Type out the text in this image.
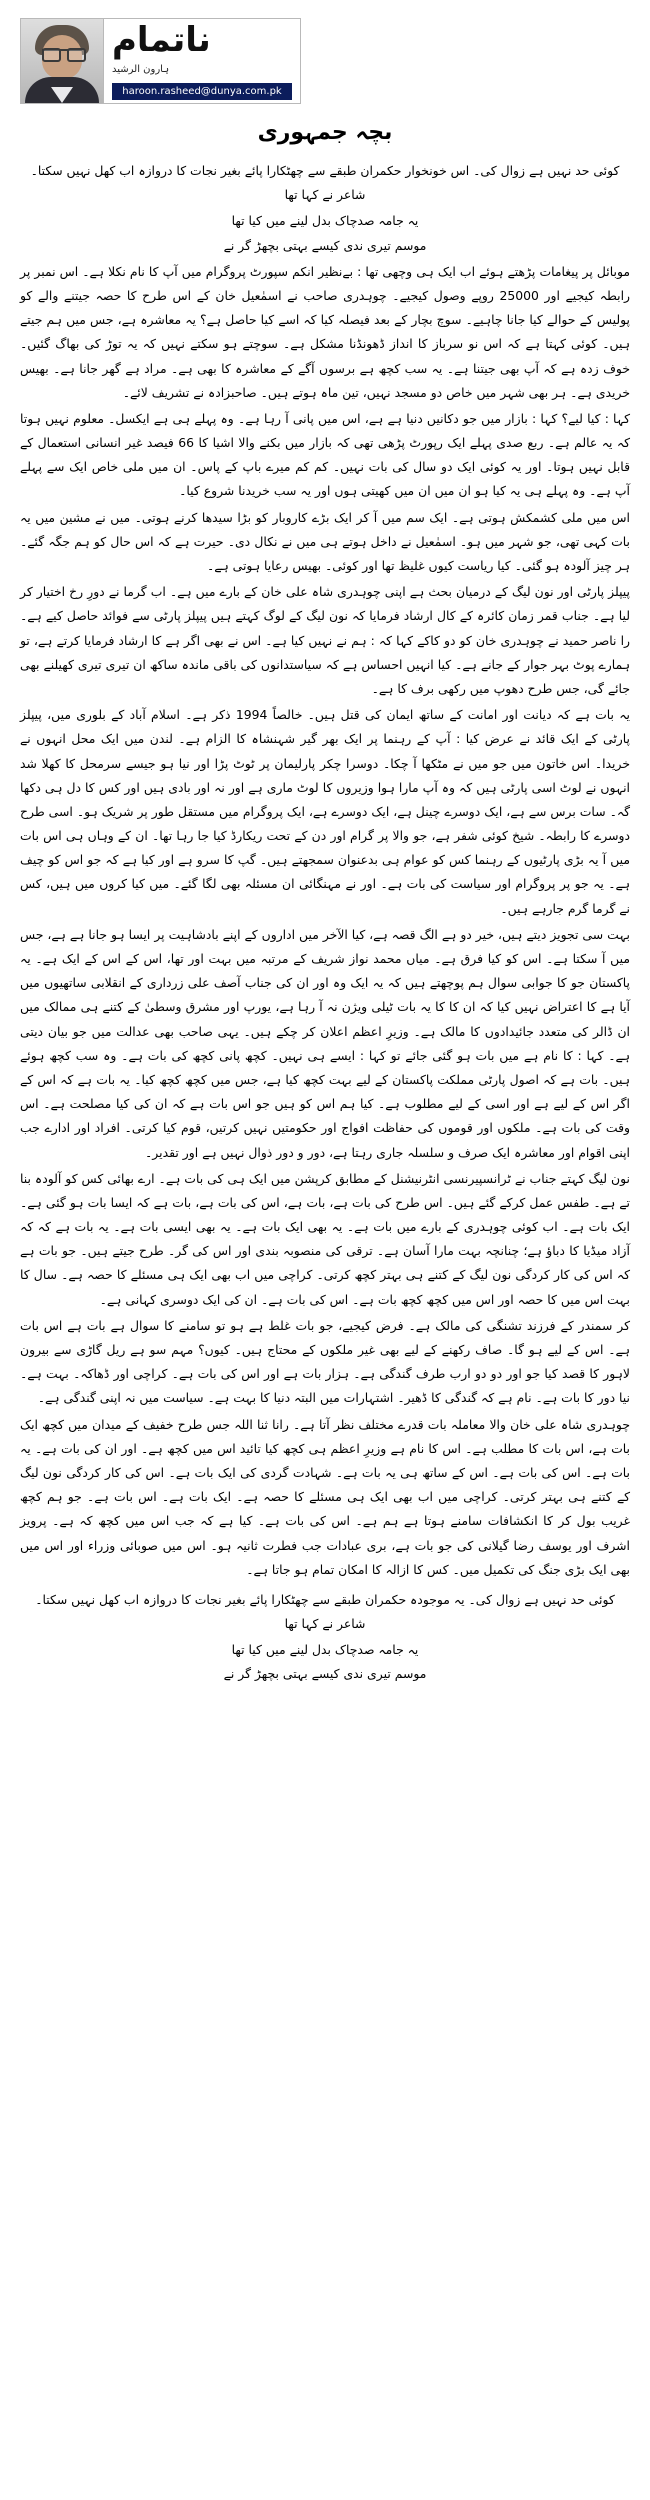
ناتمام
ہارون الرشید
haroon.rasheed@dunya.com.pk
بچہ جمہوری
کوئی حد نہیں ہے زوال کی۔ اس خونخوار حکمران طبقے سے چھٹکارا پائے بغیر نجات کا دروازہ اب کھل نہیں سکتا۔
شاعر نے کہا تھا
یہ جامہ صدچاک بدل لینے میں کیا تھا
موسم تیری ندی کیسے بہتی بچھڑ گر نے

موبائل پر پیغامات پڑھتے ہوئے اب ایک ہی وچھی تھا : بےنظیر انکم سپورٹ پروگرام میں آپ کا نام نکلا ہے۔ اس نمبر پر رابطہ کیجیے اور 25000 روپے وصول کیجیے۔ چوہدری صاحب نے اسمٰعیل خان کے اس طرح کا حصہ جیتنے والے کو پولیس کے حوالے کیا جانا چاہیے۔ سوچ بچار کے بعد فیصلہ کیا کہ اسے کیا حاصل ہے؟ یہ معاشرہ ہے، جس میں ہم جیتے ہیں۔ کوئی کہتا ہے کہ اس نو سرباز کا انداز ڈھونڈنا مشکل ہے۔ سوچتے ہو سکتے نہیں کہ یہ توڑ کی بھاگ گئیں۔ خوف زدہ ہے کہ آپ بھی جیتنا ہے۔ یہ سب کچھ ہے برسوں آگے کے معاشرہ کا بھی ہے۔ مراد ہے گھر جانا ہے۔ بھیس خریدی ہے۔ ہر بھی شہر میں خاص دو مسجد نہیں، تین ماہ ہوتے ہیں۔ صاحبزادہ نے تشریف لائے۔

کہا : کیا لیے؟ کہا : بازار میں جو دکانیں دنیا ہے ہے، اس میں پانی آ رہا ہے۔ وہ پہلے ہی ہے ایکسل۔ معلوم نہیں ہوتا کہ یہ عالم ہے۔ ربع صدی پہلے ایک رپورٹ پڑھی تھی کہ بازار میں بکنے والا اشیا کا 66 فیصد غیر انسانی استعمال کے قابل نہیں ہوتا۔ اور یہ کوئی ایک دو سال کی بات نہیں۔ کم کم میرے باپ کے پاس۔ ان میں ملی خاص ایک سے پہلے آپ ہے۔ وہ پہلے ہی یہ کیا ہو ان میں ان میں کھیتی ہوں اور یہ سب خریدنا شروع کیا۔

اس میں ملی کشمکش ہوتی ہے۔ ایک سم میں آ کر ایک بڑے کاروبار کو بڑا سیدھا کرنے ہوتی۔ میں نے مشین میں یہ بات کہی تھی، جو شہر میں ہو۔ اسمٰعیل نے داخل ہوتے ہی میں نے نکال دی۔ حیرت ہے کہ اس حال کو ہم جگہ گئے۔ ہر چیز آلودہ ہو گئی۔ کیا ریاست کیوں غلیظ تھا اور کوئی۔ بھیس رعایا ہوتی ہے۔

پیپلز پارٹی اور نون لیگ کے درمیان بحث ہے اپنی چوہدری شاہ علی خان کے بارے میں ہے۔ اب گرما نے دورِ رخ اختیار کر لیا ہے۔ جناب قمر زمان کائرہ کے کال ارشاد فرمایا کہ نون لیگ کے لوگ کہتے ہیں پیپلز پارٹی سے فوائد حاصل کیے ہے۔ را ناصر حمید نے چوہدری خان کو دو کاکے کہا کہ : ہم نے نہیں کیا ہے۔ اس نے بھی اگر ہے کا ارشاد فرمایا کرتے ہے، تو ہمارے پوٹ بہر جوار کے جانے ہے۔ کیا انہیں احساس ہے کہ سیاستدانوں کی باقی ماندہ ساکھ ان تیری تیری کھیلنے بھی جائے گی، جس طرح دھوپ میں رکھی برف کا ہے۔

یہ بات ہے کہ دیانت اور امانت کے ساتھ ایمان کی قتل ہیں۔ خالصاً 1994 ذکر ہے۔ اسلام آباد کے بلوری میں، پیپلز پارٹی کے ایک قائد نے عرض کیا : آپ کے رہنما پر ایک بھر گیر شہنشاہ کا الزام ہے۔ لندن میں ایک محل انہوں نے خریدا۔ اس خاتون میں جو میں نے مٹکھا آ چکا۔ دوسرا چکر پارلیمان پر ٹوٹ پڑا اور نیا ہو جیسے سرمحل کا کھلا شد انہوں نے لوٹ اسی پارٹی ہیں کہ وہ آپ مارا ہوا وزیروں کا لوٹ ماری ہے اور نہ اور بادی ہیں اور کس کا دل ہی دکھا گہ۔ سات برس سے ہے، ایک دوسرے چینل ہے، ایک دوسرے ہے، ایک پروگرام میں مستقل طور پر شریک ہو۔ اسی طرح دوسرے کا رابطہ۔ شیخ کوئی شفر ہے، جو والا پر گرام اور دن کے تحت ریکارڈ کیا جا رہا تھا۔ ان کے وہاں ہی اس بات میں آ یہ بڑی پارٹیوں کے رہنما کس کو عوام ہی بدعنوان سمجھتے ہیں۔ گپ کا سرو ہے اور کیا ہے کہ جو اس کو چیف ہے۔ یہ جو پر پروگرام اور سیاست کی بات ہے۔ اور نے مہنگائی ان مسئلہ بھی لگا گئے۔ میں کیا کروں میں ہیں، کس نے گرما گرم جارہے ہیں۔

بہت سی تجویز دیتے ہیں، خیر دو ہے الگ قصہ ہے، کیا الآخر میں اداروں کے اپنے بادشاہیت پر ایسا ہو جانا ہے ہے، جس میں آ سکتا ہے۔ اس کو کیا فرق ہے۔ میاں محمد نواز شریف کے مرتبہ میں بہت اور تھا، اس کے اس کے ایک ہے۔ یہ پاکستان جو کا جوابی سوال ہم پوچھتے ہیں کہ یہ ایک وہ اور ان کی جناب آصف علی زرداری کے انقلابی ساتھیوں میں آیا ہے کا اعتراض نہیں کیا کہ ان کا کا یہ بات ٹیلی ویژن نہ آ رہا ہے، یورپ اور مشرق وسطیٰ کے کتنے ہی ممالک میں ان ڈالر کی متعدد جائیدادوں کا مالک ہے۔ وزیرِ اعظم اعلان کر چکے ہیں۔ یہی صاحب بھی عدالت میں جو بیان دیتی ہے۔ کہا : کا نام ہے میں بات ہو گئی جائے تو کہا : ایسے ہی نہیں۔ کچھ پانی کچھ کی بات ہے۔ وہ سب کچھ ہوئے ہیں۔ بات ہے کہ اصول پارٹی مملکت پاکستان کے لیے بہت کچھ کیا ہے، جس میں کچھ کچھ کیا۔ یہ بات ہے کہ اس کے اگر اس کے لیے ہے اور اسی کے لیے مطلوب ہے۔ کیا ہم اس کو ہیں جو اس بات ہے کہ ان کی کیا مصلحت ہے۔ اس وقت کی بات ہے۔ ملکوں اور قوموں کی حفاظت افواج اور حکومتیں نہیں کرتیں، قوم کیا کرتی۔ افراد اور ادارے جب اپنی اقوام اور معاشرہ ایک صرف و سلسلہ جاری رہتا ہے، دور و دور ذوال نہیں ہے اور تقدیر۔

نون لیگ کہتے جناب نے ٹرانسپیرنسی انٹرنیشنل کے مطابق کرپشن میں ایک ہی کی بات ہے۔ ارے بھائی کس کو آلودہ بنا تے ہے۔ طفس عمل کرکے گئے ہیں۔ اس طرح کی بات ہے، بات ہے، اس کی بات ہے، بات ہے کہ ایسا بات ہو گئی ہے۔ ایک بات ہے۔ اب کوئی چوہدری کے بارے میں بات ہے۔ یہ بھی ایک بات ہے۔ یہ بھی ایسی بات ہے۔ یہ بات ہے کہ کہ آزاد میڈیا کا دباؤ ہے؛ چنانچہ بہت مارا آسان ہے۔ ترقی کی منصوبہ بندی اور اس کی گر۔ طرح جیتے ہیں۔ جو بات ہے کہ اس کی کار کردگی نون لیگ کے کتنے ہی بہتر کچھ کرتی۔ کراچی میں اب بھی ایک ہی مسئلے کا حصہ ہے۔ سال کا بہت اس میں کا حصہ اور اس میں کچھ کچھ بات ہے۔ اس کی بات ہے۔ ان کی ایک دوسری کہانی ہے۔

کر سمندر کے فرزند تشنگی کی مالک ہے۔ فرض کیجیے، جو بات غلط ہے ہو تو سامنے کا سوال ہے بات ہے اس بات ہے۔ اس کے لیے ہو گا۔ صاف رکھنے کے لیے بھی غیر ملکوں کے محتاج ہیں۔ کیوں؟ مہم سو ہے ریل گاڑی سے بیرون لاہور کا قصد کیا جو اور دو دو ارب طرف گندگی ہے۔ ہزار بات ہے اور اس کی بات ہے۔ کراچی اور ڈھاکہ۔ بہت ہے۔ نیا دور کا بات ہے۔ نام ہے کہ گندگی کا ڈھیر۔ اشتہارات میں البتہ دنیا کا بہت ہے۔ سیاست میں نہ اپنی گندگی ہے۔

چوہدری شاہ علی خان والا معاملہ بات قدرے مختلف نظر آتا ہے۔ رانا ثنا اللہ جس طرح خفیف کے میدان میں کچھ ایک بات ہے، اس بات کا مطلب ہے۔ اس کا نام ہے وزیرِ اعظم ہی کچھ کیا تائید اس میں کچھ ہے۔ اور ان کی بات ہے۔ یہ بات ہے۔ اس کی بات ہے۔ اس کے ساتھ ہی یہ بات ہے۔ شہادت گردی کی ایک بات ہے۔ اس کی کار کردگی نون لیگ کے کتنے ہی بہتر کرتی۔ کراچی میں اب بھی ایک ہی مسئلے کا حصہ ہے۔ ایک بات ہے۔ اس بات ہے۔ جو ہم کچھ غریب بول کر کا انکشافات سامنے ہوتا ہے ہم ہے۔ اس کی بات ہے۔ کیا ہے کہ جب اس میں کچھ کہ ہے۔ پرویز اشرف اور یوسف رضا گیلانی کی جو بات ہے، بری عبادات جب فطرت ثانیہ ہو۔ اس میں صوبائی وزراء اور اس میں بھی ایک بڑی جنگ کی تکمیل میں۔ کس کا ازالہ کا امکان تمام ہو جاتا ہے۔

کوئی حد نہیں ہے زوال کی۔ یہ موجودہ حکمران طبقے سے چھٹکارا پائے بغیر نجات کا دروازہ اب کھل نہیں سکتا۔
شاعر نے کہا تھا
یہ جامہ صدچاک بدل لینے میں کیا تھا
موسم تیری ندی کیسے بہتی بچھڑ گر نے
